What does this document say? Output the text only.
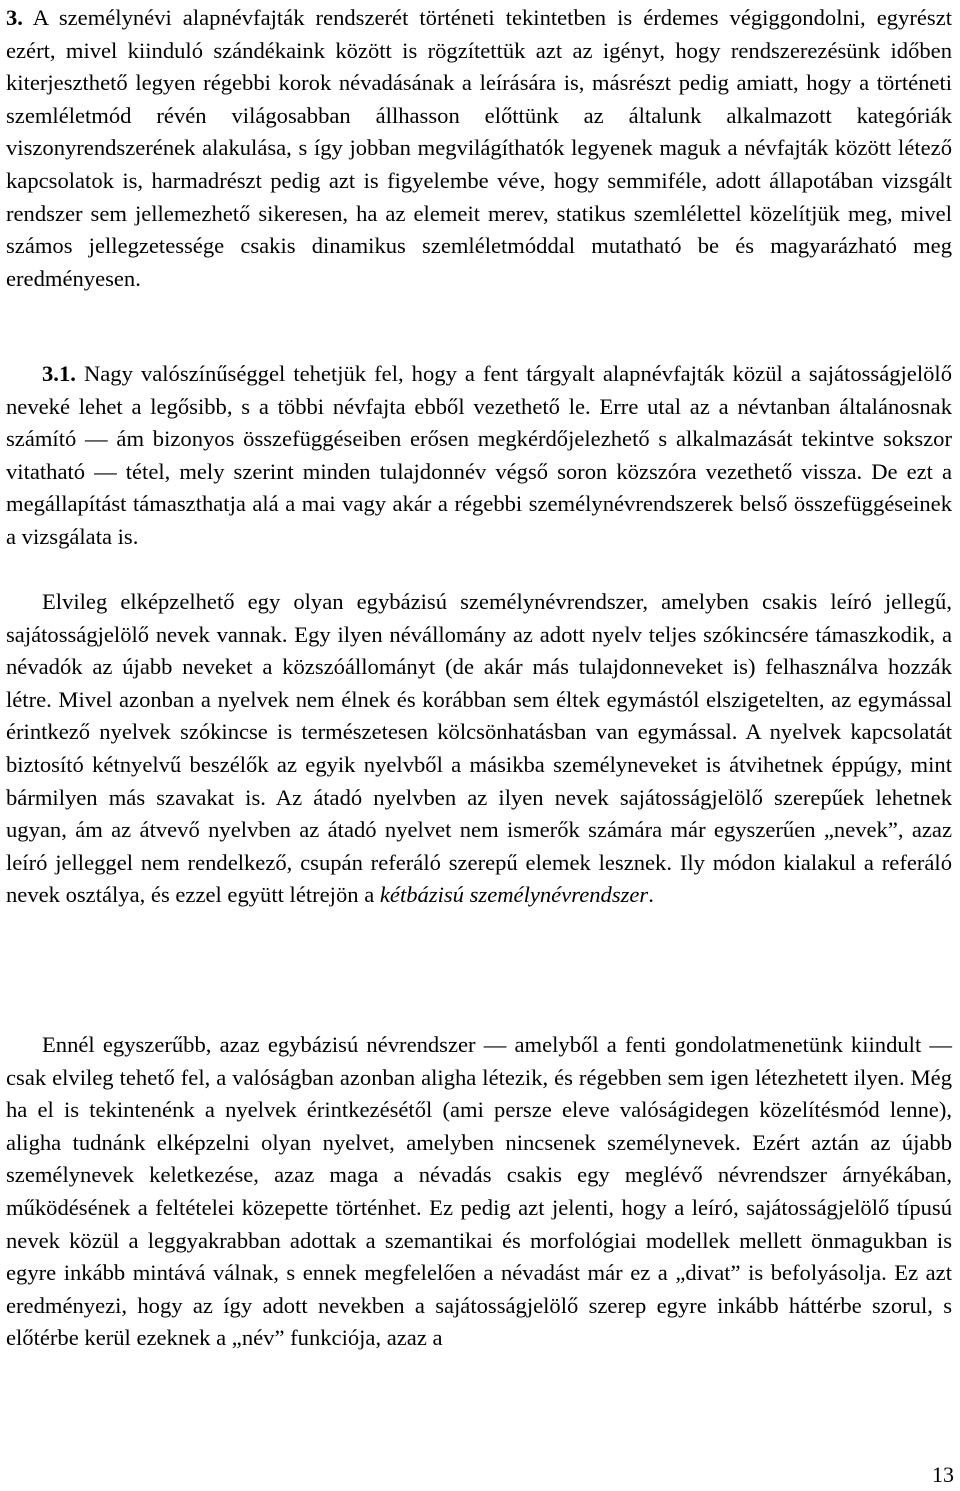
3. A személynévi alapnévfajták rendszerét történeti tekintetben is érdemes végiggondolni, egyrészt ezért, mivel kiinduló szándékaink között is rögzítettük azt az igényt, hogy rendszerezésünk időben kiterjeszthető legyen régebbi korok névadásának a leírására is, másrészt pedig amiatt, hogy a történeti szemléletmód révén világosabban állhasson előttünk az általunk alkalmazott kategóriák viszonyrendszerének alakulása, s így jobban megvilágíthatók legyenek maguk a névfajták között létező kapcsolatok is, harmadrészt pedig azt is figyelembe véve, hogy semmiféle, adott állapotában vizsgált rendszer sem jellemezhető sikeresen, ha az elemeit merev, statikus szemlélettel közelítjük meg, mivel számos jellegzetessége csakis dinamikus szemléletmóddal mutatható be és magyarázható meg eredményesen.

3.1. Nagy valószínűséggel tehetjük fel, hogy a fent tárgyalt alapnévfajták közül a sajátosságjelölő neveké lehet a legősibb, s a többi névfajta ebből vezethető le. Erre utal az a névtanban általánosnak számító — ám bizonyos összefüggéseiben erősen megkérdőjelezhető s alkalmazását tekintve sokszor vitatható — tétel, mely szerint minden tulajdonnév végső soron közszóra vezethető vissza. De ezt a megállapítást támaszthatja alá a mai vagy akár a régebbi személynévrendszerek belső összefüggéseinek a vizsgálata is.

Elvileg elképzelhető egy olyan egybázisú személynévrendszer, amelyben csakis leíró jellegű, sajátosságjelölő nevek vannak. Egy ilyen névállomány az adott nyelv teljes szókincsére támaszkodik, a névadók az újabb neveket a közszóállományt (de akár más tulajdonneveket is) felhasználva hozzák létre. Mivel azonban a nyelvek nem élnek és korábban sem éltek egymástól elszigetelten, az egymással érintkező nyelvek szókincse is természetesen kölcsönhatásban van egymással. A nyelvek kapcsolatát biztosító kétnyelvű beszélők az egyik nyelvből a másikba személyneveket is átvihetnek éppúgy, mint bármilyen más szavakat is. Az átadó nyelvben az ilyen nevek sajátosságjelölő szerepűek lehetnek ugyan, ám az átvevő nyelvben az átadó nyelvet nem ismerők számára már egyszerűen „nevek”, azaz leíró jelleggel nem rendelkező, csupán referáló szerepű elemek lesznek. Ily módon kialakul a referáló nevek osztálya, és ezzel együtt létrejön a kétbázisú személynévrendszer.

Ennél egyszerűbb, azaz egybázisú névrendszer — amelyből a fenti gondolatmenetünk kiindult — csak elvileg tehető fel, a valóságban azonban aligha létezik, és régebben sem igen létezhetett ilyen. Még ha el is tekintenénk a nyelvek érintkezésétől (ami persze eleve valóságidegen közelítésmód lenne), aligha tudnánk elképzelni olyan nyelvet, amelyben nincsenek személynevek. Ezért aztán az újabb személynevek keletkezése, azaz maga a névadás csakis egy meglévő névrendszer árnyékában, működésének a feltételei közepette történhet. Ez pedig azt jelenti, hogy a leíró, sajátosságjelölő típusú nevek közül a leggyakrabban adottak a szemantikai és morfológiai modellek mellett önmagukban is egyre inkább mintává válnak, s ennek megfelelően a névadást már ez a „divat” is befolyásolja. Ez azt eredményezi, hogy az így adott nevekben a sajátosságjelölő szerep egyre inkább háttérbe szorul, s előtérbe kerül ezeknek a „név” funkciója, azaz a

13
